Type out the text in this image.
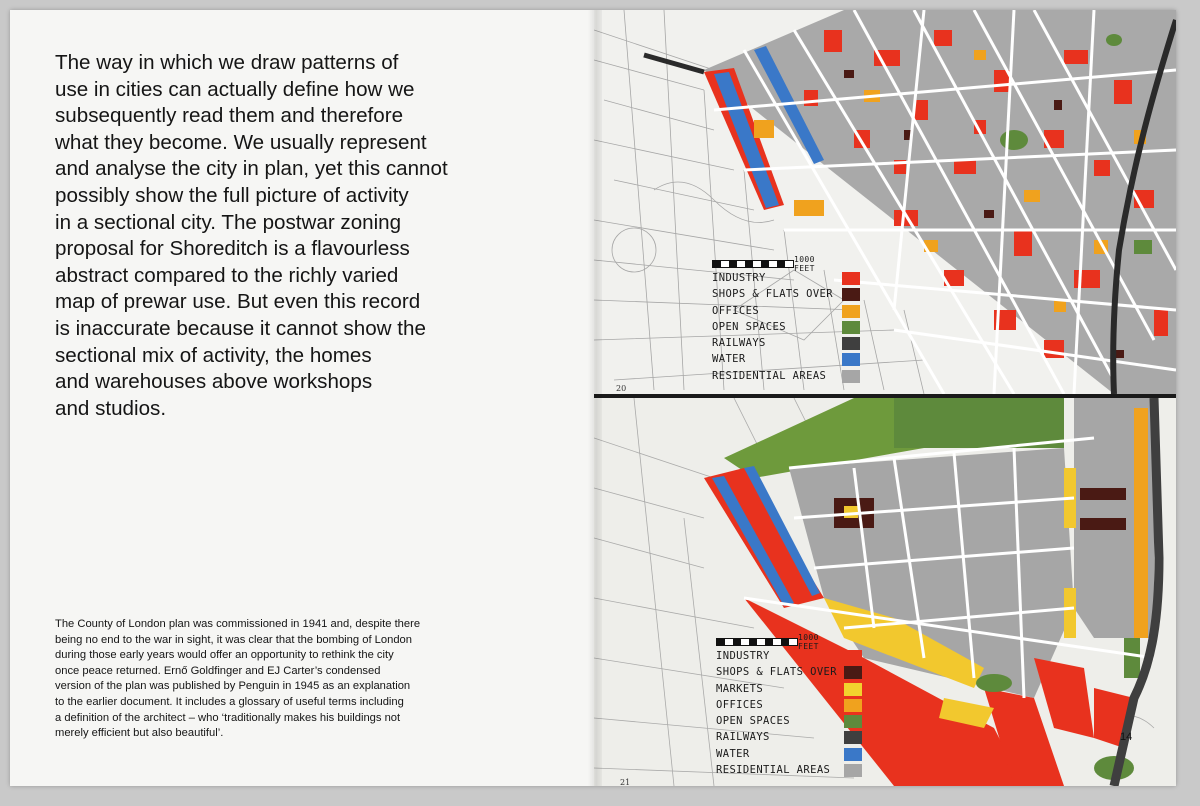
The way in which we draw patterns of
use in cities can actually define how we
subsequently read them and therefore
what they become. We usually represent
and analyse the city in plan, yet this cannot
possibly show the full picture of activity
in a sectional city. The postwar zoning
proposal for Shoreditch is a flavourless
abstract compared to the richly varied
map of prewar use. But even this record
is inaccurate because it cannot show the
sectional mix of activity, the homes
and warehouses above workshops
and studios.

The County of London plan was commissioned in 1941 and, despite there
being no end to the war in sight, it was clear that the bombing of London
during those early years would offer an opportunity to rethink the city
once peace returned. Ernő Goldfinger and EJ Carter’s condensed
version of the plan was published by Penguin in 1945 as an explanation
to the earlier document. It includes a glossary of useful terms including
a definition of the architect – who ‘traditionally makes his buildings not
merely efficient but also beautiful’.

1000 FEET
INDUSTRY
SHOPS & FLATS OVER
OFFICES
OPEN SPACES
RAILWAYS
WATER
RESIDENTIAL AREAS
20
1000 FEET
INDUSTRY
SHOPS & FLATS OVER
MARKETS
OFFICES
OPEN SPACES
RAILWAYS
WATER
RESIDENTIAL AREAS
21
14
